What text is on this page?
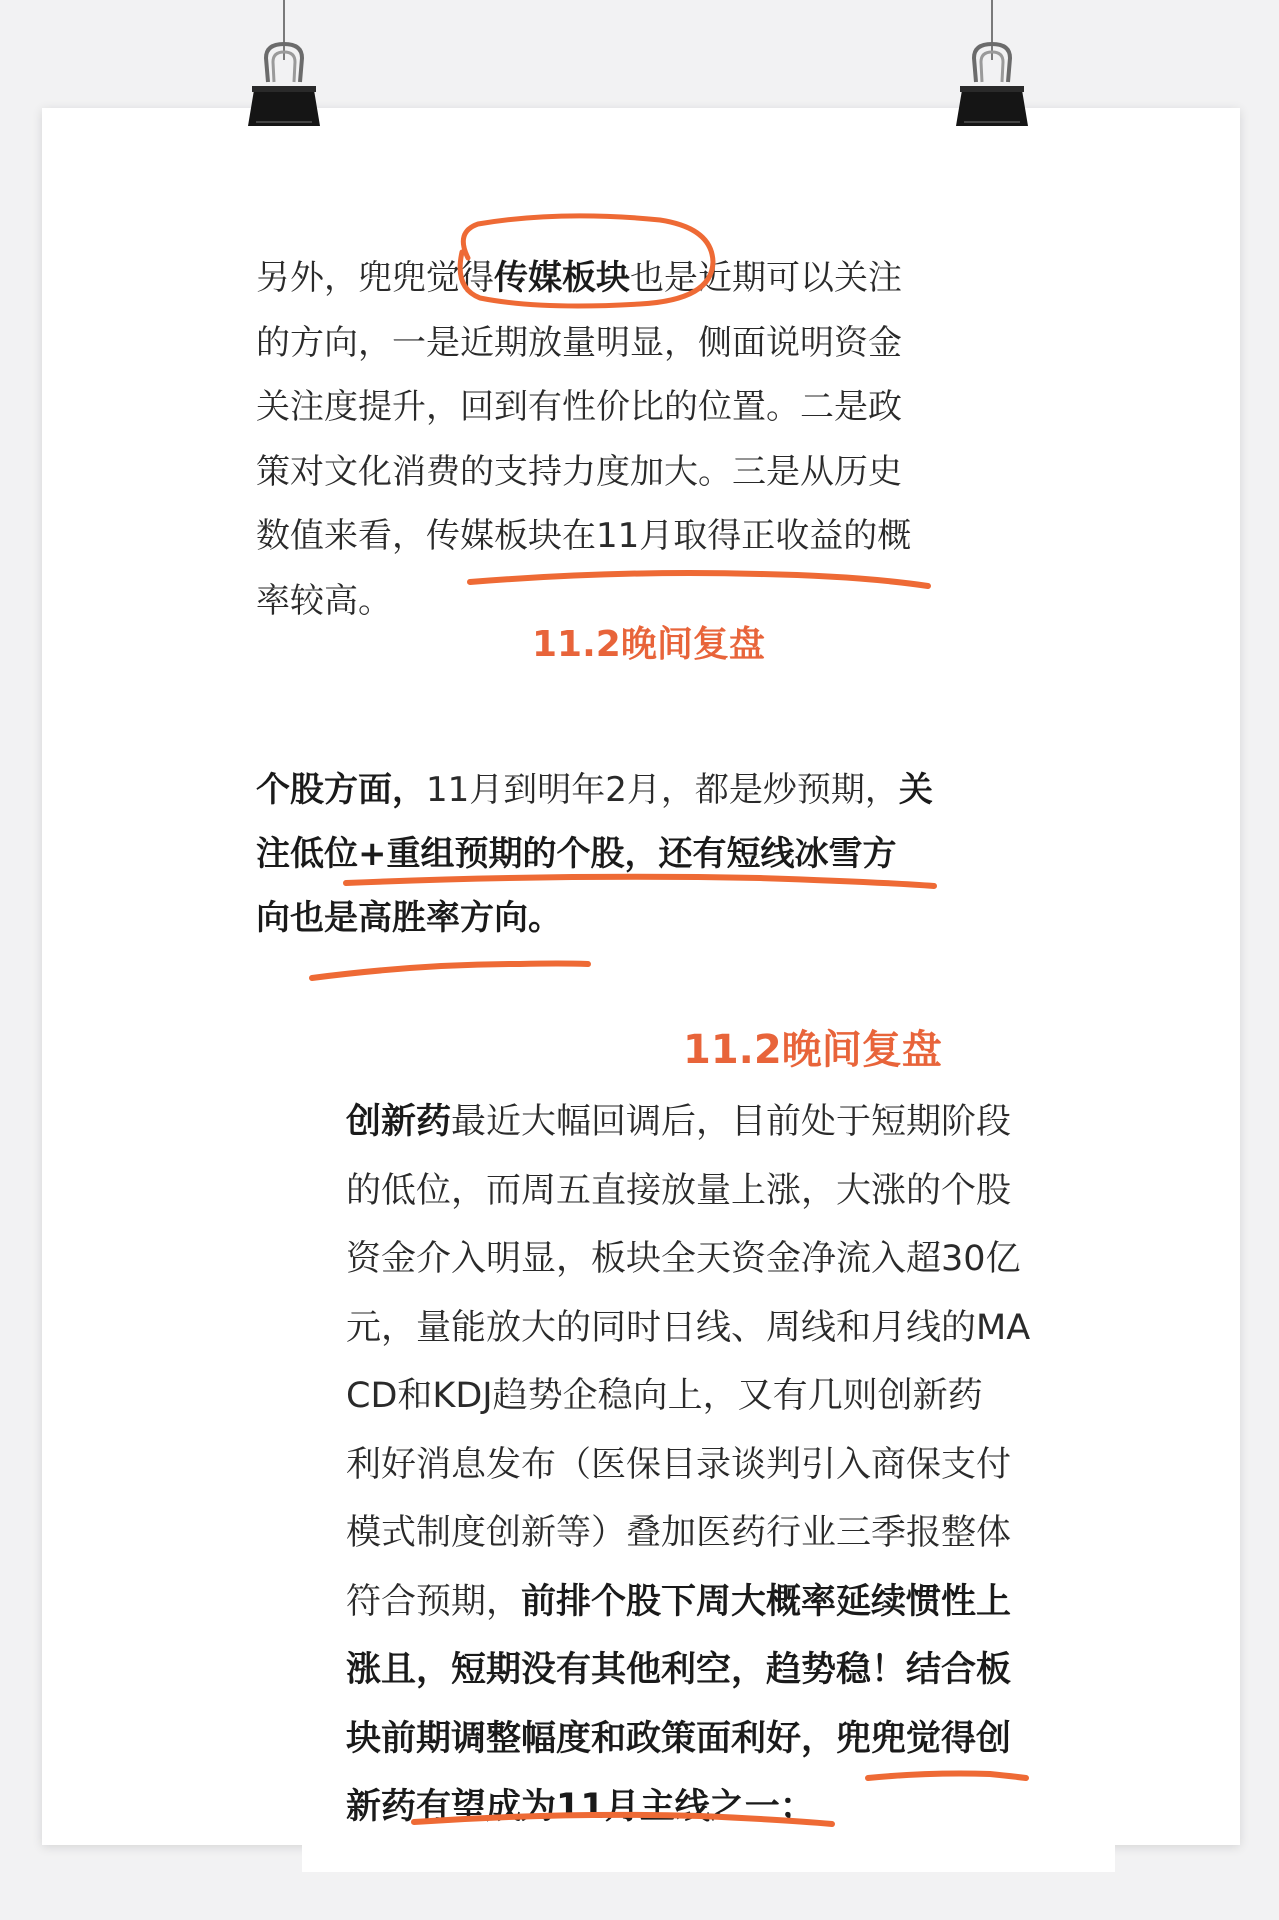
另外，兜兜觉得传媒板块也是近期可以关注
的方向，一是近期放量明显，侧面说明资金
关注度提升，回到有性价比的位置。二是政
策对文化消费的支持力度加大。三是从历史
数值来看，传媒板块在11月取得正收益的概
率较高。
11.2晚间复盘
个股方面，11月到明年2月，都是炒预期，关
注低位+重组预期的个股，还有短线冰雪方
向也是高胜率方向。
11.2晚间复盘
创新药最近大幅回调后，目前处于短期阶段
的低位，而周五直接放量上涨，大涨的个股
资金介入明显，板块全天资金净流入超30亿
元，量能放大的同时日线、周线和月线的MA
CD和KDJ趋势企稳向上，又有几则创新药
利好消息发布（医保目录谈判引入商保支付
模式制度创新等）叠加医药行业三季报整体
符合预期，前排个股下周大概率延续惯性上
涨且，短期没有其他利空，趋势稳！结合板
块前期调整幅度和政策面利好，兜兜觉得创
新药有望成为11月主线之一；
